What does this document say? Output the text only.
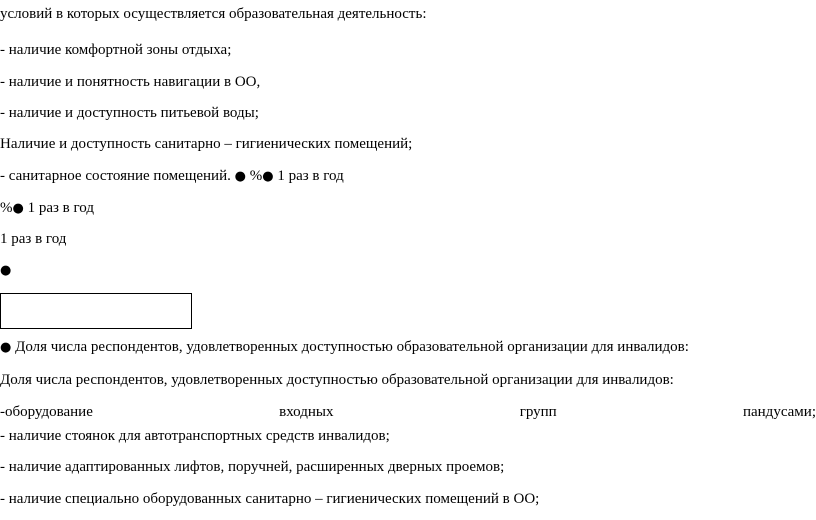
условий в которых осуществляется образовательная деятельность:
- наличие комфортной зоны отдыха;
- наличие и понятность навигации в ОО,
- наличие и доступность питьевой воды;
Наличие и доступность санитарно – гигиенических помещений;
- санитарное состояние помещений. ● %● 1 раз в год
%● 1 раз в год
1 раз в год
●
● Доля числа респондентов, удовлетворенных доступностью образовательной организации для инвалидов:
Доля числа респондентов, удовлетворенных доступностью образовательной организации для инвалидов:
-оборудование	входных	групп	пандусами;
- наличие стоянок для автотранспортных средств инвалидов;
- наличие адаптированных лифтов, поручней, расширенных дверных проемов;
- наличие специально оборудованных санитарно – гигиенических помещений в ОО;
